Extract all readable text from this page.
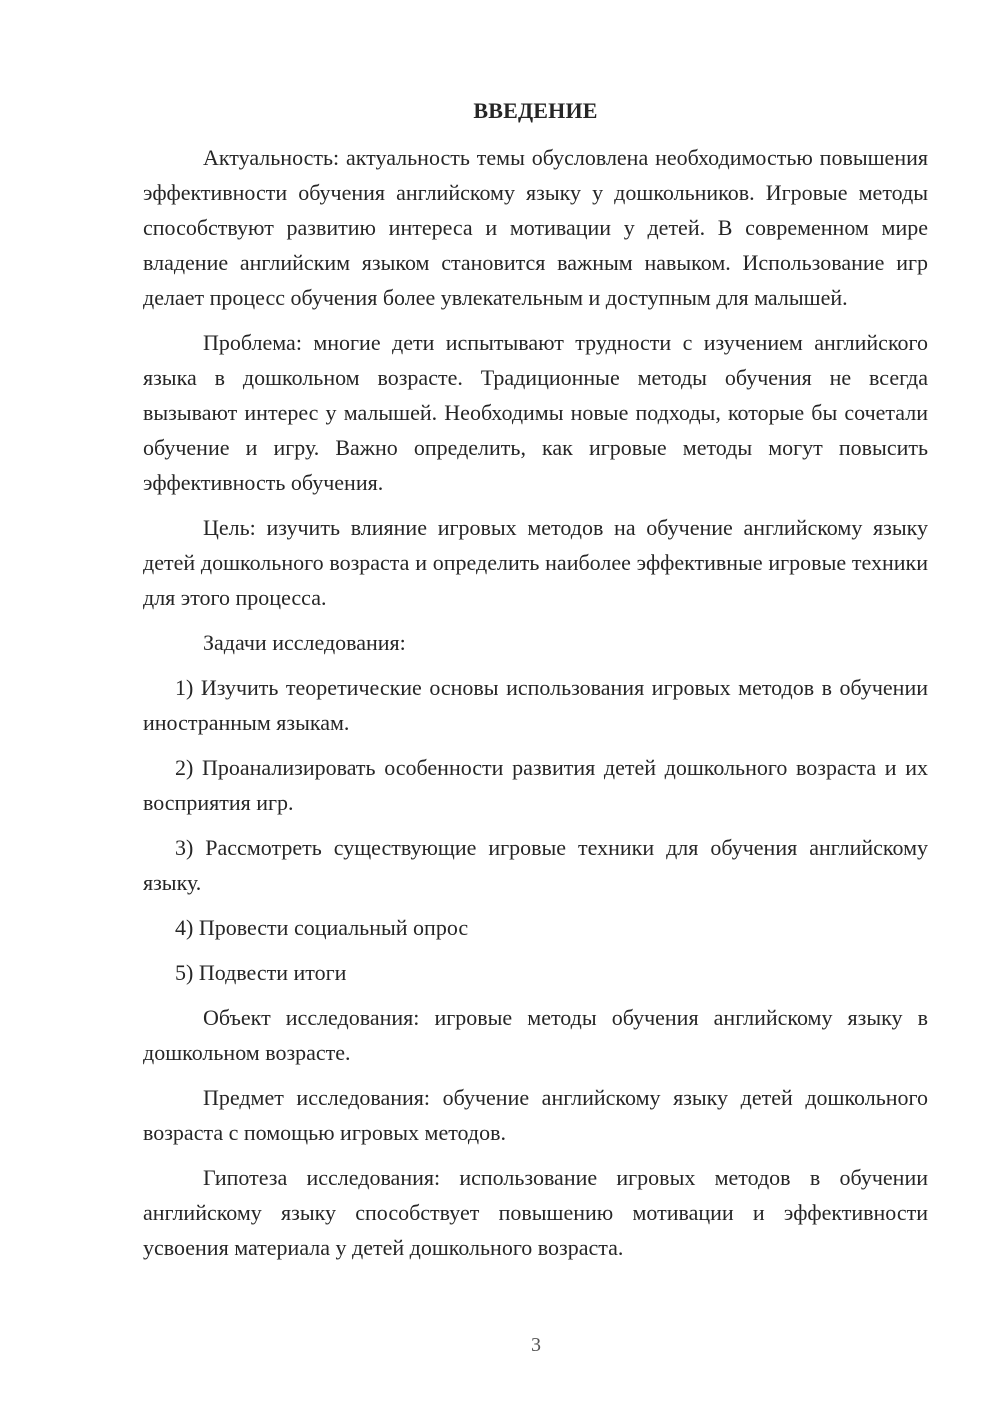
ВВЕДЕНИЕ

Актуальность: актуальность темы обусловлена необходимостью повышения эффективности обучения английскому языку у дошкольников. Игровые методы способствуют развитию интереса и мотивации у детей. В современном мире владение английским языком становится важным навыком. Использование игр делает процесс обучения более увлекательным и доступным для малышей.

Проблема: многие дети испытывают трудности с изучением английского языка в дошкольном возрасте. Традиционные методы обучения не всегда вызывают интерес у малышей. Необходимы новые подходы, которые бы сочетали обучение и игру. Важно определить, как игровые методы могут повысить эффективность обучения.

Цель: изучить влияние игровых методов на обучение английскому языку детей дошкольного возраста и определить наиболее эффективные игровые техники для этого процесса.

Задачи исследования:

1) Изучить теоретические основы использования игровых методов в обучении иностранным языкам.

2) Проанализировать особенности развития детей дошкольного возраста и их восприятия игр.

3) Рассмотреть существующие игровые техники для обучения английскому языку.

4) Провести социальный опрос

5) Подвести итоги

Объект исследования: игровые методы обучения английскому языку в дошкольном возрасте.

Предмет исследования: обучение английскому языку детей дошкольного возраста с помощью игровых методов.

Гипотеза исследования: использование игровых методов в обучении английскому языку способствует повышению мотивации и эффективности усвоения материала у детей дошкольного возраста.

3
